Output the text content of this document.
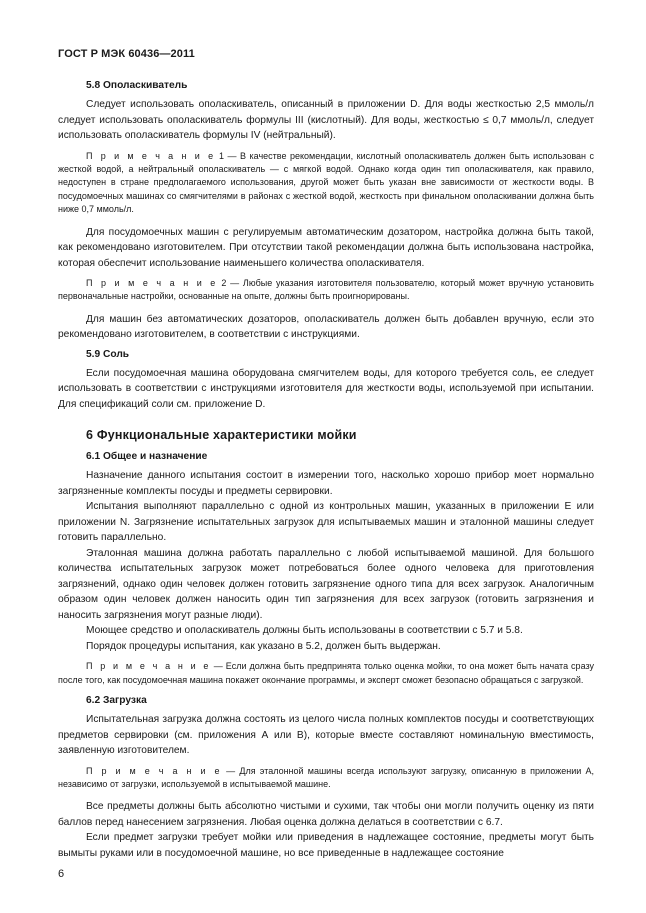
ГОСТ Р МЭК 60436—2011
5.8 Ополаскиватель
Следует использовать ополаскиватель, описанный в приложении D. Для воды жесткостью 2,5 ммоль/л следует использовать ополаскиватель формулы III (кислотный). Для воды, жесткостью ≤ 0,7 ммоль/л, следует использовать ополаскиватель формулы IV (нейтральный).
П р и м е ч а н и е 1 — В качестве рекомендации, кислотный ополаскиватель должен быть использован с жесткой водой, а нейтральный ополаскиватель — с мягкой водой. Однако когда один тип ополаскивателя, как правило, недоступен в стране предполагаемого использования, другой может быть указан вне зависимости от жесткости воды. В посудомоечных машинах со смягчителями в районах с жесткой водой, жесткость при финальном ополаскивании должна быть ниже 0,7 ммоль/л.
Для посудомоечных машин с регулируемым автоматическим дозатором, настройка должна быть такой, как рекомендовано изготовителем. При отсутствии такой рекомендации должна быть использована настройка, которая обеспечит использование наименьшего количества ополаскивателя.
П р и м е ч а н и е 2 — Любые указания изготовителя пользователю, который может вручную установить первоначальные настройки, основанные на опыте, должны быть проигнорированы.
Для машин без автоматических дозаторов, ополаскиватель должен быть добавлен вручную, если это рекомендовано изготовителем, в соответствии с инструкциями.
5.9 Соль
Если посудомоечная машина оборудована смягчителем воды, для которого требуется соль, ее следует использовать в соответствии с инструкциями изготовителя для жесткости воды, используемой при испытании. Для спецификаций соли см. приложение D.
6 Функциональные характеристики мойки
6.1 Общее и назначение
Назначение данного испытания состоит в измерении того, насколько хорошо прибор моет нормально загрязненные комплекты посуды и предметы сервировки.
Испытания выполняют параллельно с одной из контрольных машин, указанных в приложении E или приложении N. Загрязнение испытательных загрузок для испытываемых машин и эталонной машины следует готовить параллельно.
Эталонная машина должна работать параллельно с любой испытываемой машиной. Для большого количества испытательных загрузок может потребоваться более одного человека для приготовления загрязнений, однако один человек должен готовить загрязнение одного типа для всех загрузок. Аналогичным образом один человек должен наносить один тип загрязнения для всех загрузок (готовить загрязнения и наносить загрязнения могут разные люди).
Моющее средство и ополаскиватель должны быть использованы в соответствии с 5.7 и 5.8.
Порядок процедуры испытания, как указано в 5.2, должен быть выдержан.
П р и м е ч а н и е — Если должна быть предпринята только оценка мойки, то она может быть начата сразу после того, как посудомоечная машина покажет окончание программы, и эксперт сможет безопасно обращаться с загрузкой.
6.2 Загрузка
Испытательная загрузка должна состоять из целого числа полных комплектов посуды и соответствующих предметов сервировки (см. приложения А или В), которые вместе составляют номинальную вместимость, заявленную изготовителем.
П р и м е ч а н и е — Для эталонной машины всегда используют загрузку, описанную в приложении А, независимо от загрузки, используемой в испытываемой машине.
Все предметы должны быть абсолютно чистыми и сухими, так чтобы они могли получить оценку из пяти баллов перед нанесением загрязнения. Любая оценка должна делаться в соответствии с 6.7.
Если предмет загрузки требует мойки или приведения в надлежащее состояние, предметы могут быть вымыты руками или в посудомоечной машине, но все приведенные в надлежащее состояние
6
